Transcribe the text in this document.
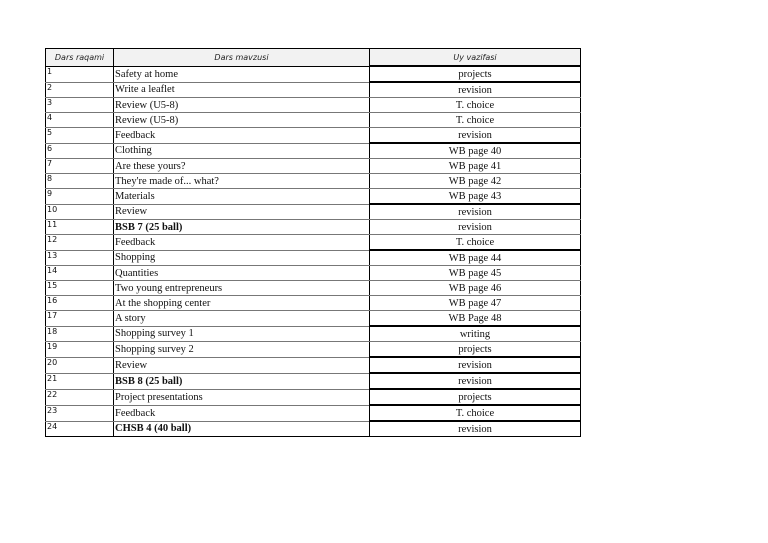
Dars raqami	Dars mavzusi	Uy vazifasi
1	Safety at home	projects
2	Write a leaflet	revision
3	Review (U5-8)	T. choice
4	Review (U5-8)	T. choice
5	Feedback	revision
6	Clothing	WB page 40
7	Are these yours?	WB page 41
8	They're made of... what?	WB page 42
9	Materials	WB page 43
10	Review	revision
11	BSB 7 (25 ball)	revision
12	Feedback	T. choice
13	Shopping	WB page 44
14	Quantities	WB page 45
15	Two young entrepreneurs	WB page 46
16	At the shopping center	WB page 47
17	A story	WB Page 48
18	Shopping survey 1	writing
19	Shopping survey 2	projects
20	Review	revision
21	BSB 8 (25 ball)	revision
22	Project presentations	projects
23	Feedback	T. choice
24	CHSB 4 (40 ball)	revision
